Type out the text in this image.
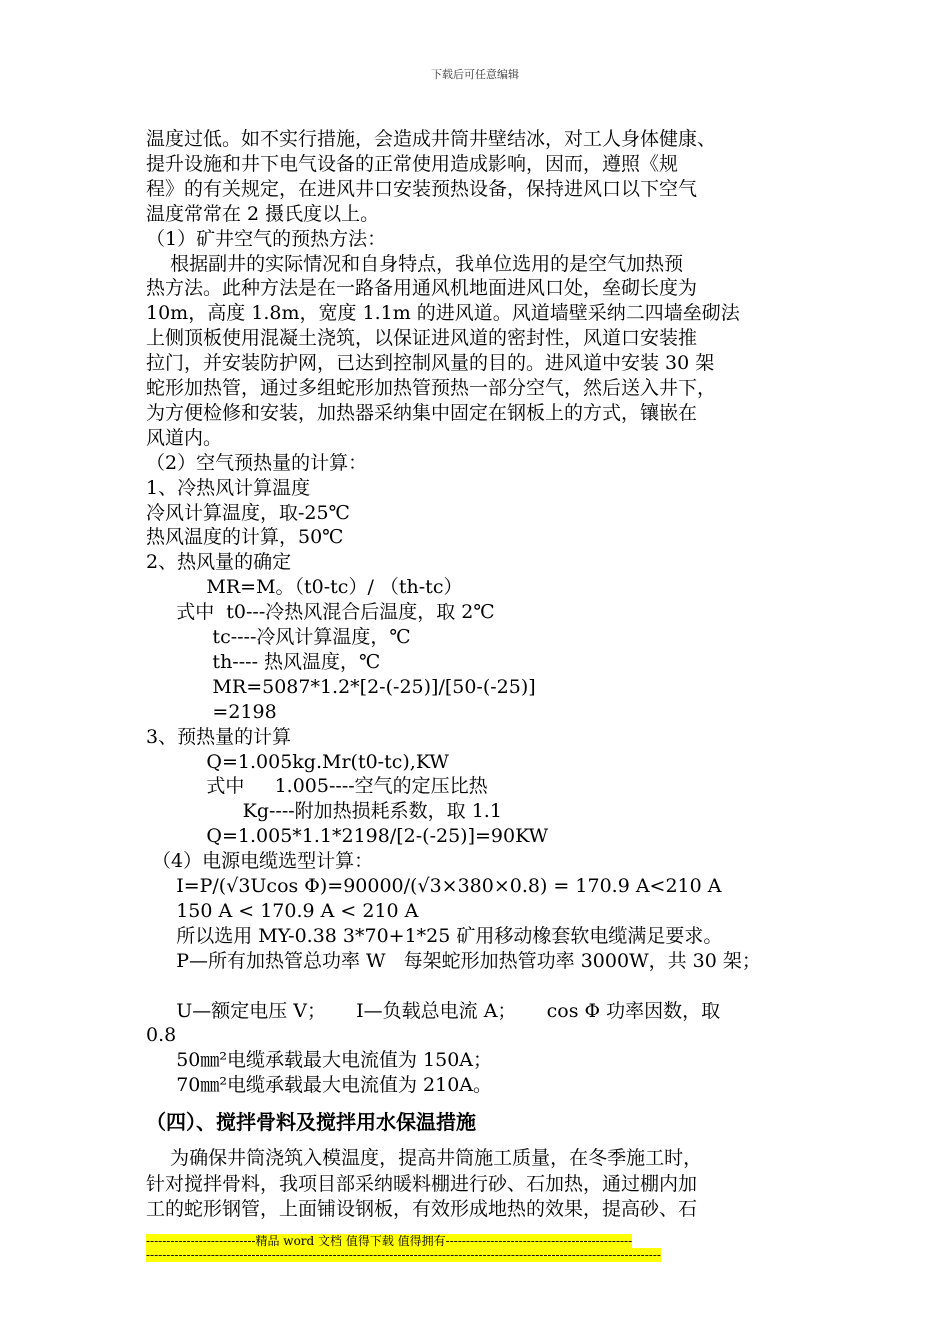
下载后可任意编辑
温度过低。如不实行措施，会造成井筒井壁结冰，对工人身体健康、
提升设施和井下电气设备的正常使用造成影响，因而，遵照《规
程》的有关规定，在进风井口安装预热设备，保持进风口以下空气
温度常常在 2 摄氏度以上。
（1）矿井空气的预热方法：
根据副井的实际情况和自身特点，我单位选用的是空气加热预
热方法。此种方法是在一路备用通风机地面进风口处，垒砌长度为
10m，高度 1.8m，宽度 1.1m 的进风道。风道墙壁采纳二四墙垒砌法
上侧顶板使用混凝土浇筑，以保证进风道的密封性，风道口安装推
拉门，并安装防护网，已达到控制风量的目的。进风道中安装 30 架
蛇形加热管，通过多组蛇形加热管预热一部分空气，然后送入井下，
为方便检修和安装，加热器采纳集中固定在钢板上的方式，镶嵌在
风道内。
（2）空气预热量的计算：
1、冷热风计算温度
冷风计算温度，取-25℃
热风温度的计算，50℃
2、热风量的确定
MR=M。（t0-tc）/ （th-tc）
式中  t0---冷热风混合后温度，取 2℃
tc----冷风计算温度，℃
th---- 热风温度，℃
MR=5087*1.2*[2-(-25)]/[50-(-25)]
=2198
3、预热量的计算
Q=1.005kg.Mr(t0-tc),KW
式中     1.005----空气的定压比热
Kg----附加热损耗系数，取 1.1
Q=1.005*1.1*2198/[2-(-25)]=90KW
（4）电源电缆选型计算：
I=P/(√3Ucos Φ)=90000/(√3×380×0.8) = 170.9 A<210 A
150 A < 170.9 A < 210 A
所以选用 MY-0.38 3*70+1*25 矿用移动橡套软电缆满足要求。
P—所有加热管总功率 W   每架蛇形加热管功率 3000W，共 30 架；
U—额定电压 V；     I—负载总电流 A；     cos Φ 功率因数，取
0.8
50㎜²电缆承载最大电流值为 150A；
70㎜²电缆承载最大电流值为 210A。
（四）、搅拌骨料及搅拌用水保温措施
为确保井筒浇筑入模温度，提高井筒施工质量，在冬季施工时，
针对搅拌骨料，我项目部采纳暖料棚进行砂、石加热，通过棚内加
工的蛇形钢管，上面铺设钢板，有效形成地热的效果，提高砂、石
---------------------------精品 word 文档 值得下载 值得拥有----------------------------------------------
-------------------------------------------------------------------------------------------------------------------------------
